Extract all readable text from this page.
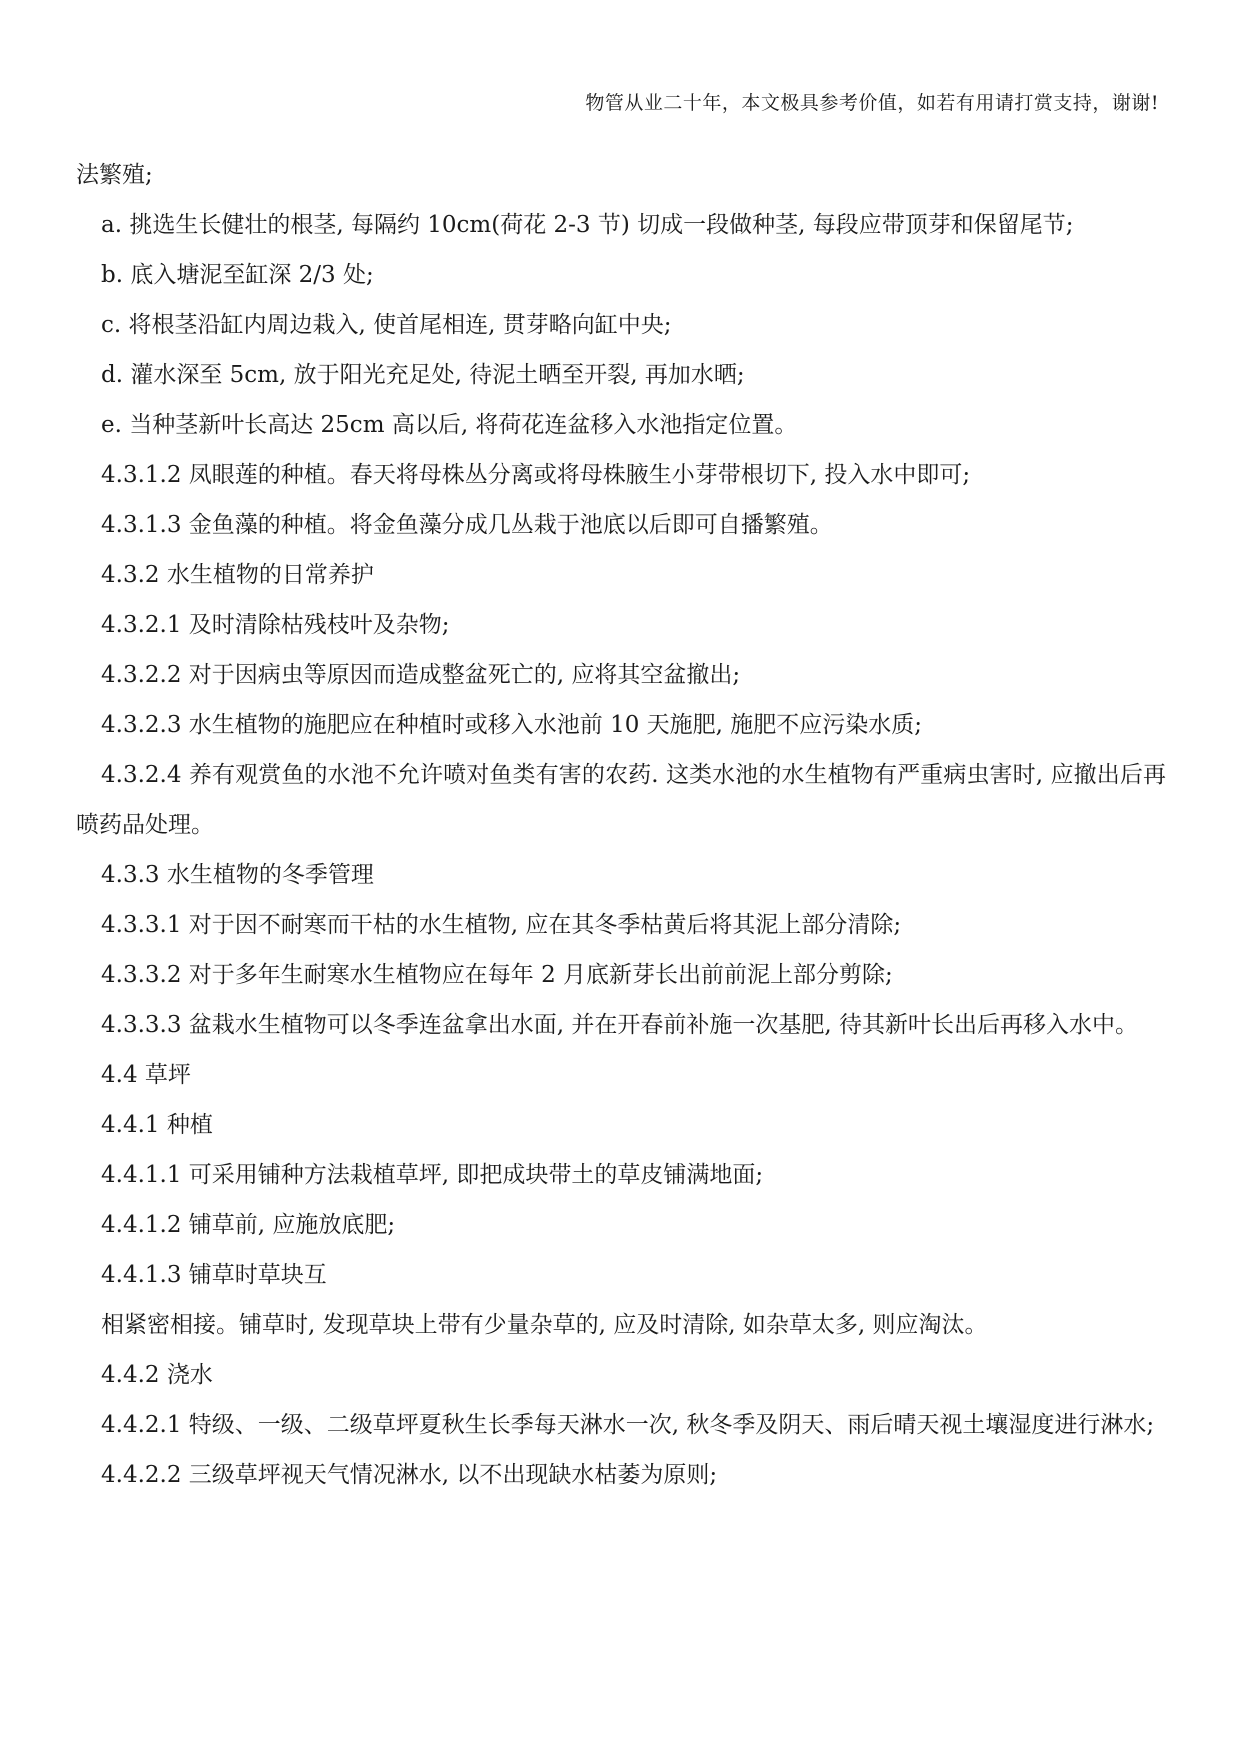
物管从业二十年，本文极具参考价值，如若有用请打赏支持，谢谢!

法繁殖;

a. 挑选生长健壮的根茎, 每隔约 10cm(荷花 2-3 节) 切成一段做种茎, 每段应带顶芽和保留尾节;

b. 底入塘泥至缸深 2/3 处;

c. 将根茎沿缸内周边栽入, 使首尾相连, 贯芽略向缸中央;

d. 灌水深至 5cm, 放于阳光充足处, 待泥土晒至开裂, 再加水晒;

e. 当种茎新叶长高达 25cm 高以后, 将荷花连盆移入水池指定位置。

4.3.1.2 凤眼莲的种植。春天将母株丛分离或将母株腋生小芽带根切下, 投入水中即可;

4.3.1.3 金鱼藻的种植。将金鱼藻分成几丛栽于池底以后即可自播繁殖。

4.3.2 水生植物的日常养护

4.3.2.1 及时清除枯残枝叶及杂物;

4.3.2.2 对于因病虫等原因而造成整盆死亡的, 应将其空盆撤出;

4.3.2.3 水生植物的施肥应在种植时或移入水池前 10 天施肥, 施肥不应污染水质;

4.3.2.4 养有观赏鱼的水池不允许喷对鱼类有害的农药. 这类水池的水生植物有严重病虫害时, 应撤出后再喷药品处理。

4.3.3 水生植物的冬季管理

4.3.3.1 对于因不耐寒而干枯的水生植物, 应在其冬季枯黄后将其泥上部分清除;

4.3.3.2 对于多年生耐寒水生植物应在每年 2 月底新芽长出前前泥上部分剪除;

4.3.3.3 盆栽水生植物可以冬季连盆拿出水面, 并在开春前补施一次基肥, 待其新叶长出后再移入水中。

4.4 草坪

4.4.1 种植

4.4.1.1 可采用铺种方法栽植草坪, 即把成块带土的草皮铺满地面;

4.4.1.2 铺草前, 应施放底肥;

4.4.1.3 铺草时草块互

相紧密相接。铺草时, 发现草块上带有少量杂草的, 应及时清除, 如杂草太多, 则应淘汰。

4.4.2 浇水

4.4.2.1 特级、一级、二级草坪夏秋生长季每天淋水一次, 秋冬季及阴天、雨后晴天视土壤湿度进行淋水;

4.4.2.2 三级草坪视天气情况淋水, 以不出现缺水枯萎为原则;
